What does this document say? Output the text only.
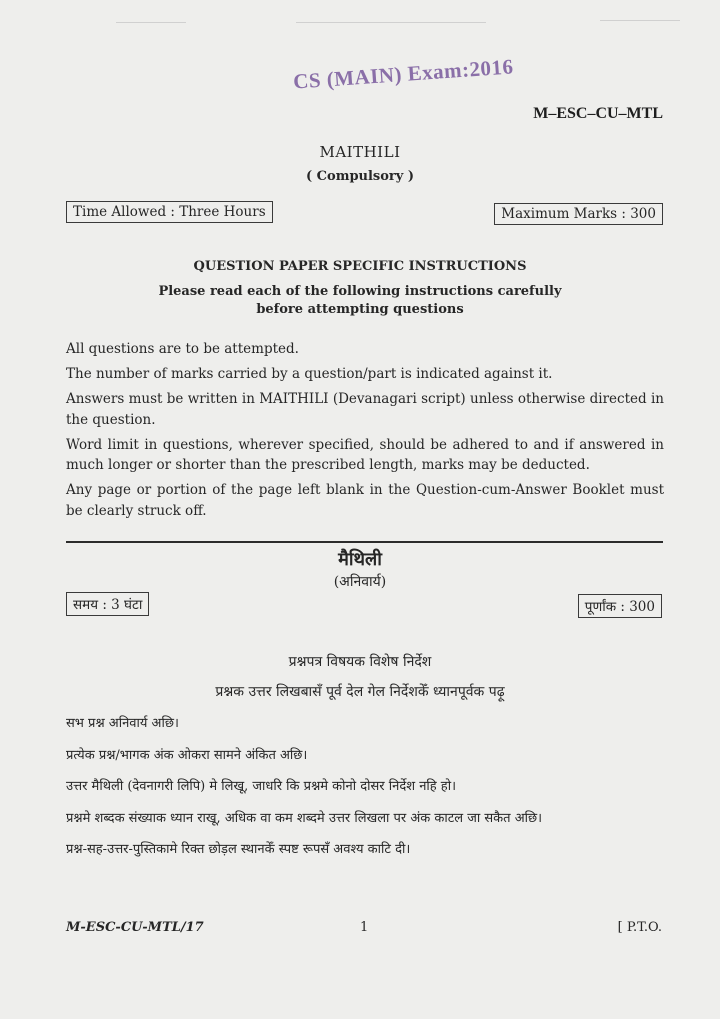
CS (MAIN) Exam:2016
M–ESC–CU–MTL
MAITHILI
( Compulsory )
Time Allowed : Three Hours	Maximum Marks : 300
QUESTION PAPER SPECIFIC INSTRUCTIONS
Please read each of the following instructions carefully
before attempting questions

All questions are to be attempted.

The number of marks carried by a question/part is indicated against it.

Answers must be written in MAITHILI (Devanagari script) unless otherwise directed in the question.

Word limit in questions, wherever specified, should be adhered to and if answered in much longer or shorter than the prescribed length, marks may be deducted.

Any page or portion of the page left blank in the Question-cum-Answer Booklet must be clearly struck off.

मैथिली
(अनिवार्य)
समय : 3 घंटा	पूर्णांक : 300
प्रश्नपत्र विषयक विशेष निर्देश
प्रश्नक उत्तर लिखबासँ पूर्व देल गेल निर्देशकेँ ध्यानपूर्वक पढ़ू

सभ प्रश्न अनिवार्य अछि।

प्रत्येक प्रश्न/भागक अंक ओकरा सामने अंकित अछि।

उत्तर मैथिली (देवनागरी लिपि) मे लिखू, जाधरि कि प्रश्नमे कोनो दोसर निर्देश नहि हो।

प्रश्नमे शब्दक संख्याक ध्यान राखू, अधिक वा कम शब्दमे उत्तर लिखला पर अंक काटल जा सकैत अछि।

प्रश्न-सह-उत्तर-पुस्तिकामे रिक्त छोड़ल स्थानकेँ स्पष्ट रूपसँ अवश्य काटि दी।

M-ESC-CU-MTL/17	1	[ P.T.O.
